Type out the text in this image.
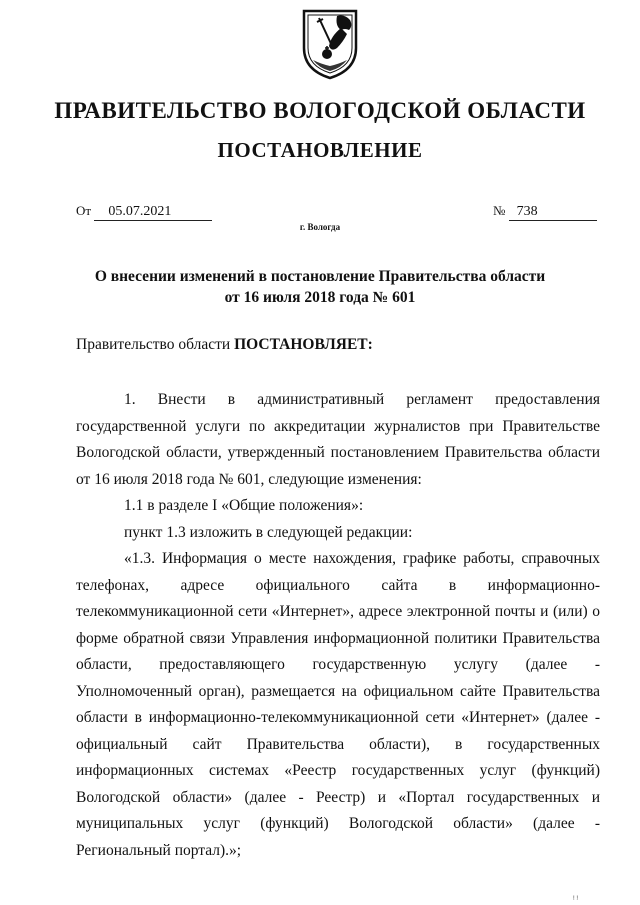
ПРАВИТЕЛЬСТВО ВОЛОГОДСКОЙ ОБЛАСТИ
ПОСТАНОВЛЕНИЕ
От 05.07.2021	№ 738
г. Вологда
О внесении изменений в постановление Правительства области
от 16 июля 2018 года № 601
Правительство области ПОСТАНОВЛЯЕТ:

1. Внести в административный регламент предоставления государственной услуги по аккредитации журналистов при Правительстве Вологодской области, утвержденный постановлением Правительства области от 16 июля 2018 года № 601, следующие изменения:

1.1 в разделе I «Общие положения»:

пункт 1.3 изложить в следующей редакции:

«1.3. Информация о месте нахождения, графике работы, справочных телефонах, адресе официального сайта в информационно-телекоммуникационной сети «Интернет», адресе электронной почты и (или) о форме обратной связи Управления информационной политики Правительства области, предоставляющего государственную услугу (далее - Уполномоченный орган), размещается на официальном сайте Правительства области в информационно-телекоммуникационной сети «Интернет» (далее - официальный сайт Правительства области), в государственных информационных системах «Реестр государственных услуг (функций) Вологодской области» (далее - Реестр) и «Портал государственных и муниципальных услуг (функций) Вологодской области» (далее - Региональный портал).»;

! !
